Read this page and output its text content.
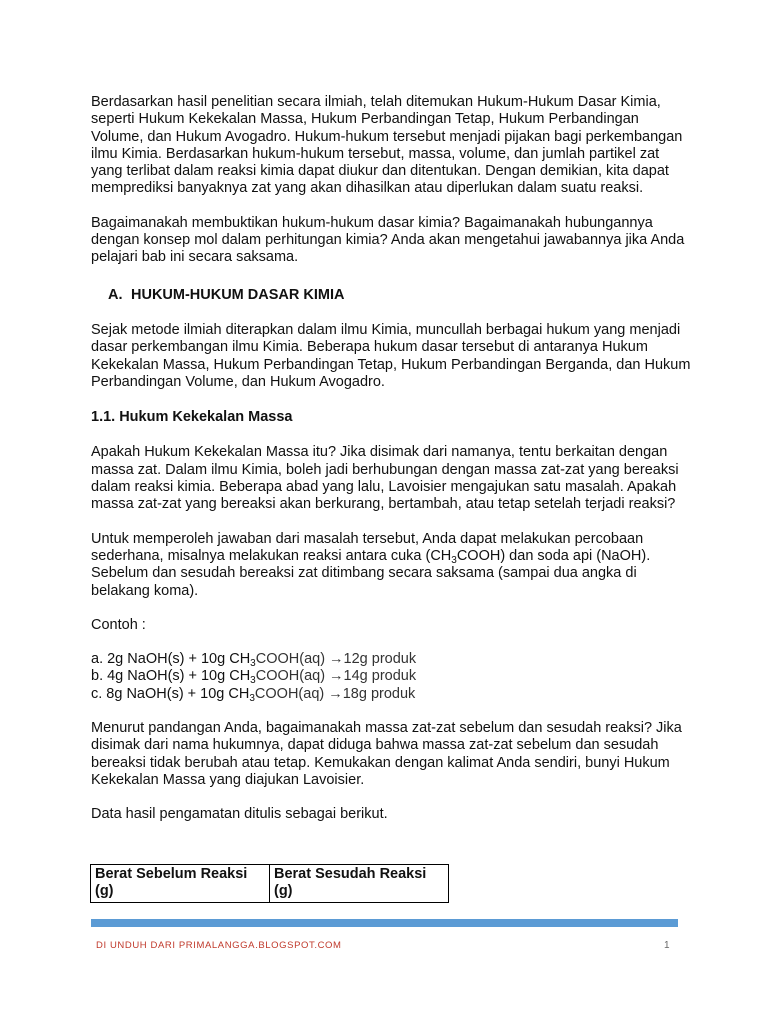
Berdasarkan hasil penelitian secara ilmiah, telah ditemukan Hukum-Hukum Dasar Kimia, seperti Hukum Kekekalan Massa, Hukum Perbandingan Tetap, Hukum Perbandingan Volume, dan Hukum Avogadro. Hukum-hukum tersebut menjadi pijakan bagi perkembangan ilmu Kimia. Berdasarkan hukum-hukum tersebut, massa, volume, dan jumlah partikel zat yang terlibat dalam reaksi kimia dapat diukur dan ditentukan. Dengan demikian, kita dapat memprediksi banyaknya zat yang akan dihasilkan atau diperlukan dalam suatu reaksi.

Bagaimanakah membuktikan hukum-hukum dasar kimia? Bagaimanakah hubungannya dengan konsep mol dalam perhitungan kimia? Anda akan mengetahui jawabannya jika Anda pelajari bab ini secara saksama.

A. HUKUM-HUKUM DASAR KIMIA

Sejak metode ilmiah diterapkan dalam ilmu Kimia, muncullah berbagai hukum yang menjadi dasar perkembangan ilmu Kimia. Beberapa hukum dasar tersebut di antaranya Hukum Kekekalan Massa, Hukum Perbandingan Tetap, Hukum Perbandingan Berganda, dan Hukum Perbandingan Volume, dan Hukum Avogadro.

1.1. Hukum Kekekalan Massa

Apakah Hukum Kekekalan Massa itu? Jika disimak dari namanya, tentu berkaitan dengan massa zat. Dalam ilmu Kimia, boleh jadi berhubungan dengan massa zat-zat yang bereaksi dalam reaksi kimia. Beberapa abad yang lalu, Lavoisier mengajukan satu masalah. Apakah massa zat-zat yang bereaksi akan berkurang, bertambah, atau tetap setelah terjadi reaksi?

Untuk memperoleh jawaban dari masalah tersebut, Anda dapat melakukan percobaan sederhana, misalnya melakukan reaksi antara cuka $(CH_3COOH)$ dan soda api (NaOH). Sebelum dan sesudah bereaksi zat ditimbang secara saksama (sampai dua angka di belakang koma).

Contoh :

a. 2g NaOH(s) + 10g $CH_3COOH(aq) \to 12g$ produk

b. 4g NaOH(s) + 10g $CH_3COOH(aq) \to 14g$ produk

c. 8g NaOH(s) + 10g $CH_3COOH(aq) \to 18g$ produk

Menurut pandangan Anda, bagaimanakah massa zat-zat sebelum dan sesudah reaksi? Jika disimak dari nama hukumnya, dapat diduga bahwa massa zat-zat sebelum dan sesudah bereaksi tidak berubah atau tetap. Kemukakan dengan kalimat Anda sendiri, bunyi Hukum Kekekalan Massa yang diajukan Lavoisier.

Data hasil pengamatan ditulis sebagai berikut.

Berat Sebelum Reaksi (g)	Berat Sesudah Reaksi (g)
DI UNDUH DARI PRIMALANGGA.BLOGSPOT.COM	1
